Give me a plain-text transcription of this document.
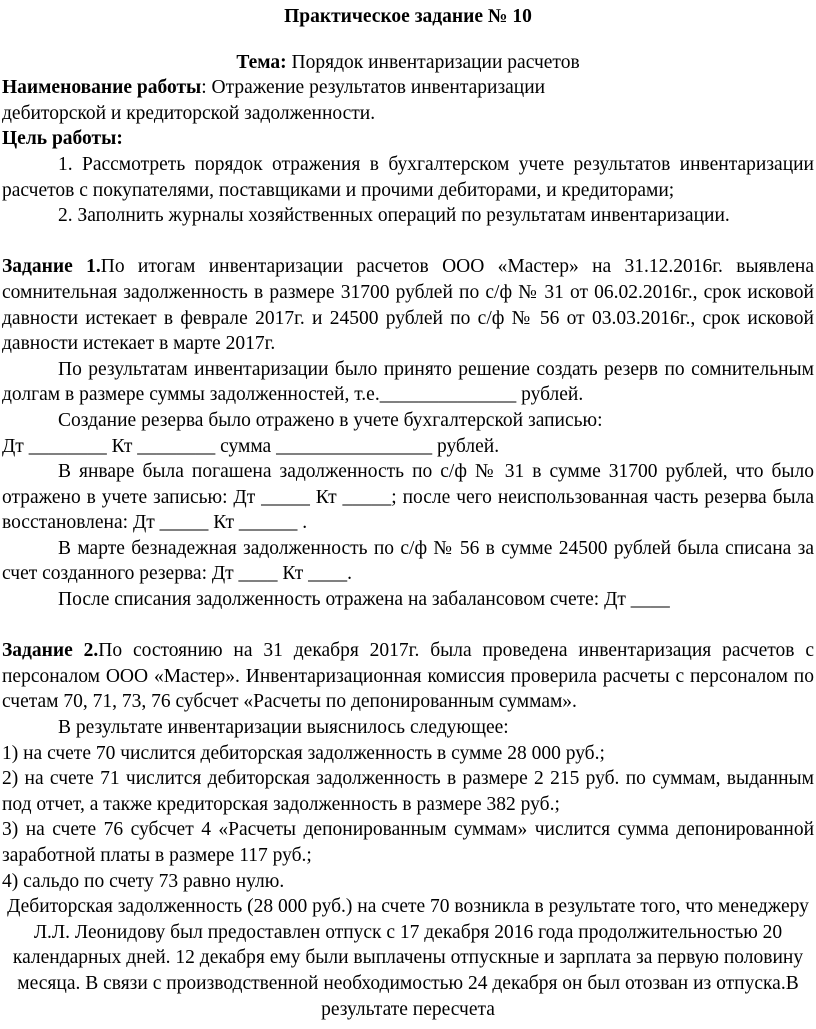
Практическое задание № 10

Тема: Порядок инвентаризации расчетов

Наименование работы: Отражение результатов инвентаризации

дебиторской и кредиторской задолженности.

Цель работы:

1. Рассмотреть порядок отражения в бухгалтерском учете результатов инвентаризации расчетов с покупателями, поставщиками и прочими дебиторами, и кредиторами;

2. Заполнить журналы хозяйственных операций по результатам инвентаризации.

Задание 1.По итогам инвентаризации расчетов ООО «Мастер» на 31.12.2016г. выявлена сомнительная задолженность в размере 31700 рублей по с/ф № 31 от 06.02.2016г., срок исковой давности истекает в феврале 2017г. и 24500 рублей по с/ф № 56 от 03.03.2016г., срок исковой давности истекает в марте 2017г.

По результатам инвентаризации было принято решение создать резерв по сомнительным долгам в размере суммы задолженностей, т.е.______________ рублей.

Создание резерва было отражено в учете бухгалтерской записью:

Дт ________ Кт ________ сумма ________________ рублей.

В январе была погашена задолженность по с/ф № 31 в сумме 31700 рублей, что было отражено в учете записью: Дт _____ Кт _____; после чего неиспользованная часть резерва была восстановлена: Дт _____ Кт ______ .

В марте безнадежная задолженность по с/ф № 56 в сумме 24500 рублей была списана за счет созданного резерва: Дт ____ Кт ____.

После списания задолженность отражена на забалансовом счете: Дт ____

Задание 2.По состоянию на 31 декабря 2017г. была проведена инвентаризация расчетов с персоналом ООО «Мастер». Инвентаризационная комиссия проверила расчеты с персоналом по счетам 70, 71, 73, 76 субсчет «Расчеты по депонированным суммам».

В результате инвентаризации выяснилось следующее:

1) на счете 70 числится дебиторская задолженность в сумме 28 000 руб.;

2) на счете 71 числится дебиторская задолженность в размере 2 215 руб. по суммам, выданным под отчет, а также кредиторская задолженность в размере 382 руб.;

3) на счете 76 субсчет 4 «Расчеты депонированным суммам» числится сумма депонированной заработной платы в размере 117 руб.;

4) сальдо по счету 73 равно нулю.

Дебиторская задолженность (28 000 руб.) на счете 70 возникла в результате того, что менеджеру Л.Л. Леонидову был предоставлен отпуск с 17 декабря 2016 года продолжительностью 20 календарных дней. 12 декабря ему были выплачены отпускные и зарплата за первую половину месяца. В связи с производственной необходимостью 24 декабря он был отозван из отпуска.В результате пересчета
